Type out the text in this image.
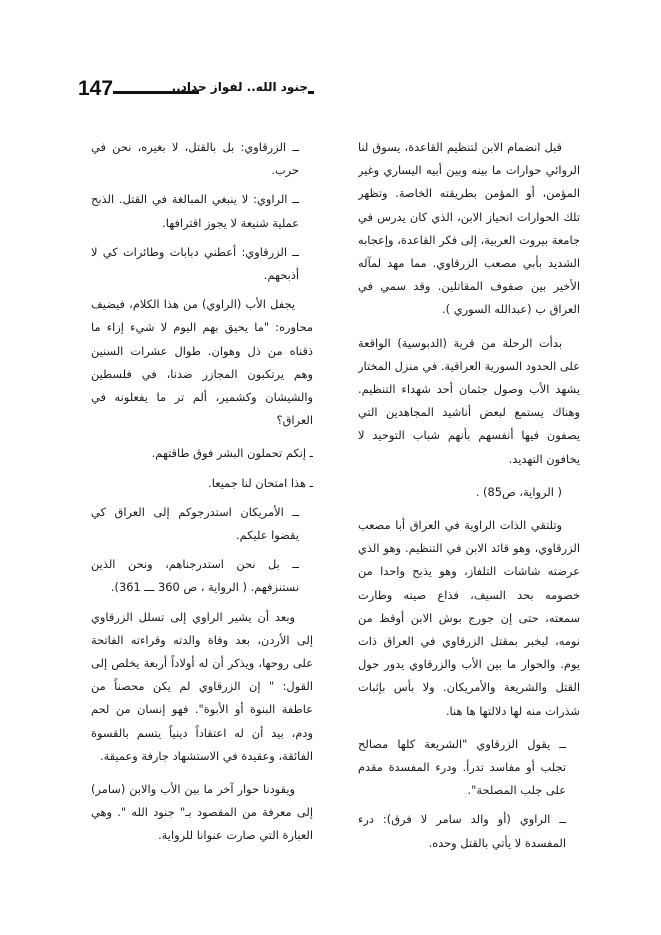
147	جنود الله.. لفواز حداد..

قبل انضمام الابن لتنظيم القاعدة، يسوق لنا الروائي حوارات ما بينه وبين أبيه اليساري وغير المؤمن، أو المؤمن بطريقته الخاصة. وتظهر تلك الحوارات انحياز الابن، الذي كان يدرس في جامعة بيروت العربية، إلى فكر القاعدة، وإعجابه الشديد بأبي مصعب الزرقاوي. مما مهد لمآله الأخير بين صفوف المقاتلين. وقد سمي في العراق ب (عبدالله السوري ).

بدأت الرحلة من قرية (الدبوسية) الواقعة على الحدود السورية العراقية. في منزل المختار يشهد الأب وصول جثمان أحد شهداء التنظيم. وهناك يستمع لبعض أناشيد المجاهدين التي يصفون فيها أنفسهم بأنهم شباب التوحيد لا يخافون التهديد.

( الرواية، ص85) .

وتلتقي الذات الراوية في العراق أبا مصعب الزرقاوي، وهو قائد الابن في التنظيم. وهو الذي عرضته شاشات التلفاز، وهو يذبح واحدا من خصومه بحد السيف، فذاع صيته وطارت سمعته، حتى إن جورج بوش الابن أوقظ من نومه، ليخبر بمقتل الزرقاوي في العراق ذات يوم. والحوار ما بين الأب والزرقاوي يدور حول القتل والشريعة والأمريكان. ولا بأس بإثبات شذرات منه لها دلالتها ها هنا.

ــ يقول الزرقاوي "الشريعة كلها مصالح تجلب أو مفاسد تدرأ. ودرء المفسدة مقدم على جلب المصلحة".

ــ الراوي (أو والد سامر لا فرق): درء المفسدة لا يأتي بالقتل وحده.

ــ الزرقاوي: بل بالقتل، لا بغيره، نحن في حرب.

ــ الراوي: لا ينبغي المبالغة في القتل. الذبح عملية شنيعة لا يجوز اقترافها.

ــ الزرقاوي: أعطني دبابات وطائرات كي لا أذبحهم.

يجفل الأب (الراوي) من هذا الكلام، فيضيف محاوره: "ما يحيق بهم اليوم لا شيء إزاء ما ذقناه من ذل وهوان. طوال عشرات السنين وهم يرتكبون المجازر ضدنا، في فلسطين والشيشان وكشمير، ألم تر ما يفعلونه في العراق؟

ـ إنكم تحملون البشر فوق طاقتهم.

ـ هذا امتحان لنا جميعا.

ــ الأمريكان استدرجوكم إلى العراق كي يقضوا عليكم.

ــ بل نحن استدرجناهم، ونحن الذين نستنزفهم. ( الرواية ، ص 360 ـــ 361).

وبعد أن يشير الراوي إلى تسلل الزرقاوي إلى الأردن، بعد وفاة والدته وقراءته الفاتحة على روحها، ويذكر أن له أولاداً أربعة يخلص إلى القول: " إن الزرقاوي لم يكن محصناً من عاطفة البنوة أو الأبوة". فهو إنسان من لحم ودم، بيد أن له اعتقاداً دينياً يتسم بالقسوة الفائقة، وعقيدة في الاستشهاد جارفة وعميقة.

ويقودنا حوار آخر ما بين الأب والابن (سامر) إلى معرفة من المقصود بـ" جنود الله ". وهي العبارة التي صارت عنوانا للرواية.
